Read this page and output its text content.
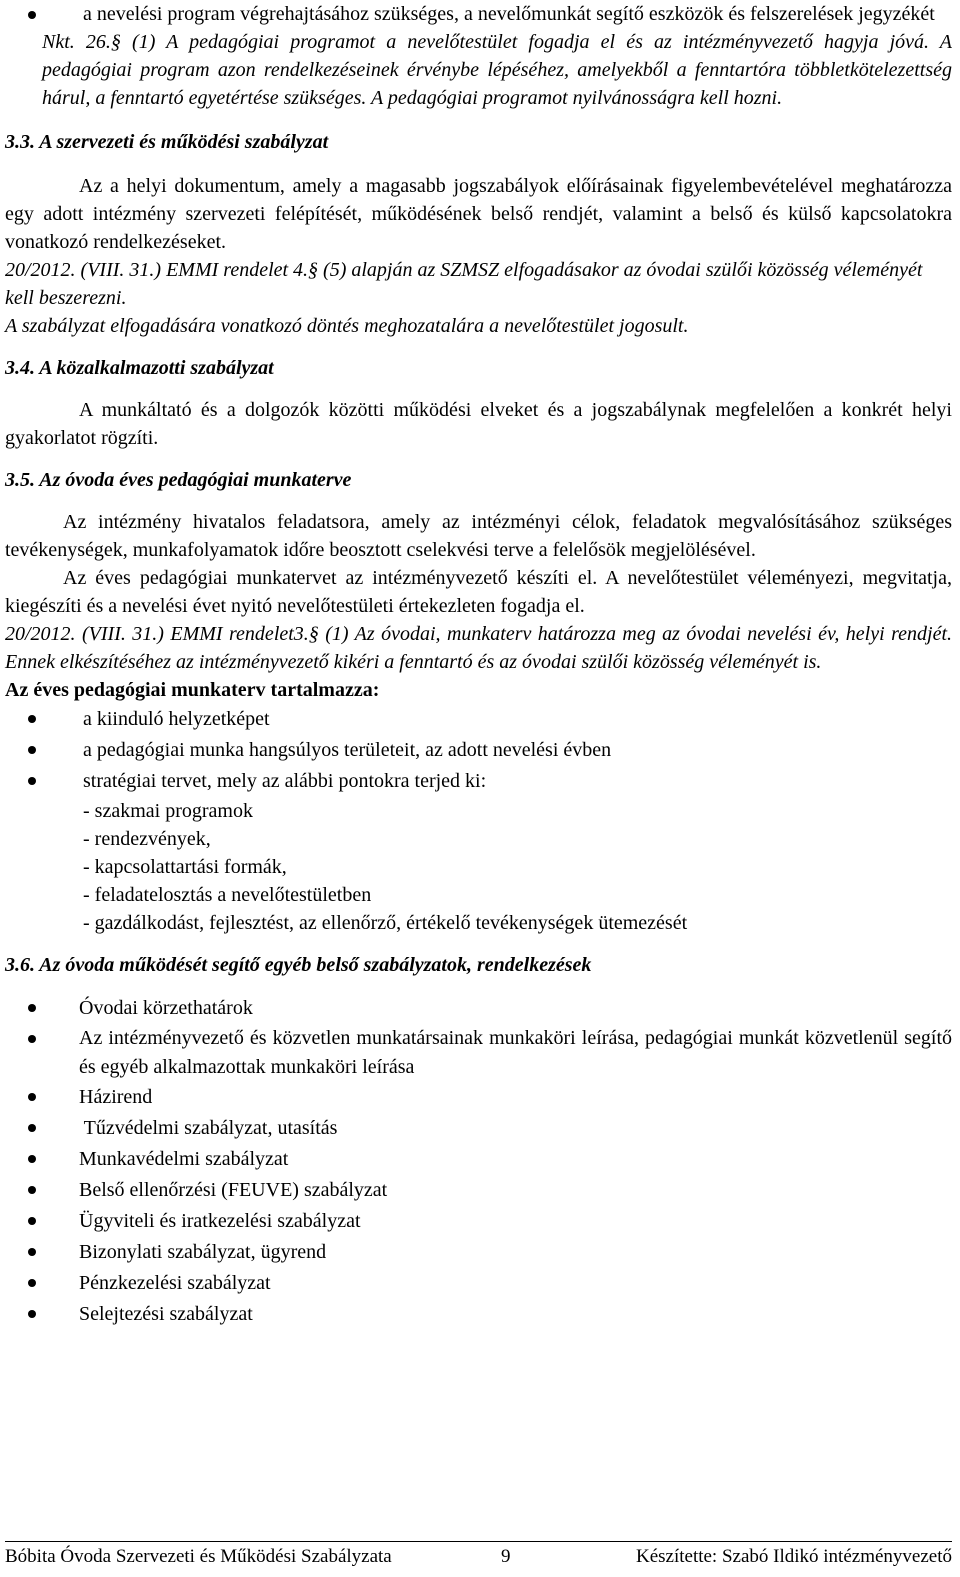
a nevelési program végrehajtásához szükséges, a nevelőmunkát segítő eszközök és felszerelések jegyzékét

Nkt. 26.§ (1) A pedagógiai programot a nevelőtestület fogadja el és az intézményvezető hagyja jóvá. A pedagógiai program azon rendelkezéseinek érvénybe lépéséhez, amelyekből a fenntartóra többletkötelezettség hárul, a fenntartó egyetértése szükséges. A pedagógiai programot nyilvánosságra kell hozni.

3.3. A szervezeti és működési szabályzat

Az a helyi dokumentum, amely a magasabb jogszabályok előírásainak figyelembevételével meghatározza egy adott intézmény szervezeti felépítését, működésének belső rendjét, valamint a belső és külső kapcsolatokra vonatkozó rendelkezéseket.

20/2012. (VIII. 31.) EMMI rendelet 4.§ (5) alapján az SZMSZ elfogadásakor az óvodai szülői közösség véleményét kell beszerezni.

A szabályzat elfogadására vonatkozó döntés meghozatalára a nevelőtestület jogosult.

3.4. A közalkalmazotti szabályzat

A munkáltató és a dolgozók közötti működési elveket és a jogszabálynak megfelelően a konkrét helyi gyakorlatot rögzíti.

3.5. Az óvoda éves pedagógiai munkaterve

Az intézmény hivatalos feladatsora, amely az intézményi célok, feladatok megvalósításához szükséges tevékenységek, munkafolyamatok időre beosztott cselekvési terve a felelősök megjelölésével.

Az éves pedagógiai munkatervet az intézményvezető készíti el. A nevelőtestület véleményezi, megvitatja, kiegészíti és a nevelési évet nyitó nevelőtestületi értekezleten fogadja el.

20/2012. (VIII. 31.) EMMI rendelet3.§ (1) Az óvodai, munkaterv határozza meg az óvodai nevelési év, helyi rendjét. Ennek elkészítéséhez az intézményvezető kikéri a fenntartó és az óvodai szülői közösség véleményét is.

Az éves pedagógiai munkaterv tartalmazza:

a kiinduló helyzetképet

a pedagógiai munka hangsúlyos területeit, az adott nevelési évben

stratégiai tervet, mely az alábbi pontokra terjed ki:

- szakmai programok

- rendezvények,

- kapcsolattartási formák,

- feladatelosztás a nevelőtestületben

- gazdálkodást, fejlesztést, az ellenőrző, értékelő tevékenységek ütemezését

3.6. Az óvoda működését segítő egyéb belső szabályzatok, rendelkezések

Óvodai körzethatárok

Az intézményvezető és közvetlen munkatársainak munkaköri leírása, pedagógiai munkát közvetlenül segítő és egyéb alkalmazottak munkaköri leírása

Házirend

Tűzvédelmi szabályzat, utasítás

Munkavédelmi szabályzat

Belső ellenőrzési (FEUVE) szabályzat

Ügyviteli és iratkezelési szabályzat

Bizonylati szabályzat, ügyrend

Pénzkezelési szabályzat

Selejtezési szabályzat

Bóbita Óvoda Szervezeti és Működési Szabályzata	9	Készítette: Szabó Ildikó intézményvezető
